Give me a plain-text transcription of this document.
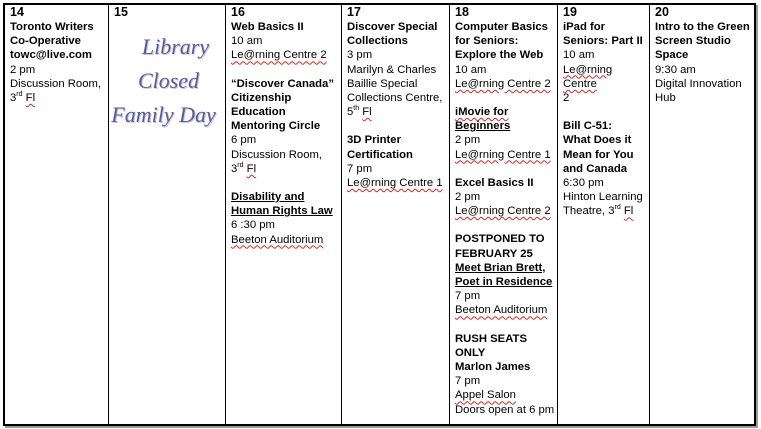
14
Toronto Writers
Co-Operative
towc@live.com
2 pm
Discussion Room,
3rd Fl
15
Library
Closed
Family Day
16
Web Basics II
10 am
Le@rning Centre 2
“Discover Canada”
Citizenship
Education
Mentoring Circle
6 pm
Discussion Room,
3rd Fl
Disability and
Human Rights Law
6 :30 pm
Beeton Auditorium
17
Discover Special
Collections
3 pm
Marilyn & Charles
Baillie Special
Collections Centre,
5th Fl
3D Printer
Certification
7 pm
Le@rning Centre 1
18
Computer Basics
for Seniors:
Explore the Web
10 am
Le@rning Centre 2
iMovie for
Beginners
2 pm
Le@rning Centre 1
Excel Basics II
2 pm
Le@rning Centre 2
POSTPONED TO
FEBRUARY 25
Meet Brian Brett,
Poet in Residence
7 pm
Beeton Auditorium
RUSH SEATS
ONLY
Marlon James
7 pm
Appel Salon
Doors open at 6 pm
19
iPad for
Seniors: Part II
10 am
Le@rning Centre
2
Bill C-51:
What Does it
Mean for You
and Canada
6:30 pm
Hinton Learning
Theatre, 3rd Fl
20
Intro to the Green
Screen Studio
Space
9:30 am
Digital Innovation
Hub
